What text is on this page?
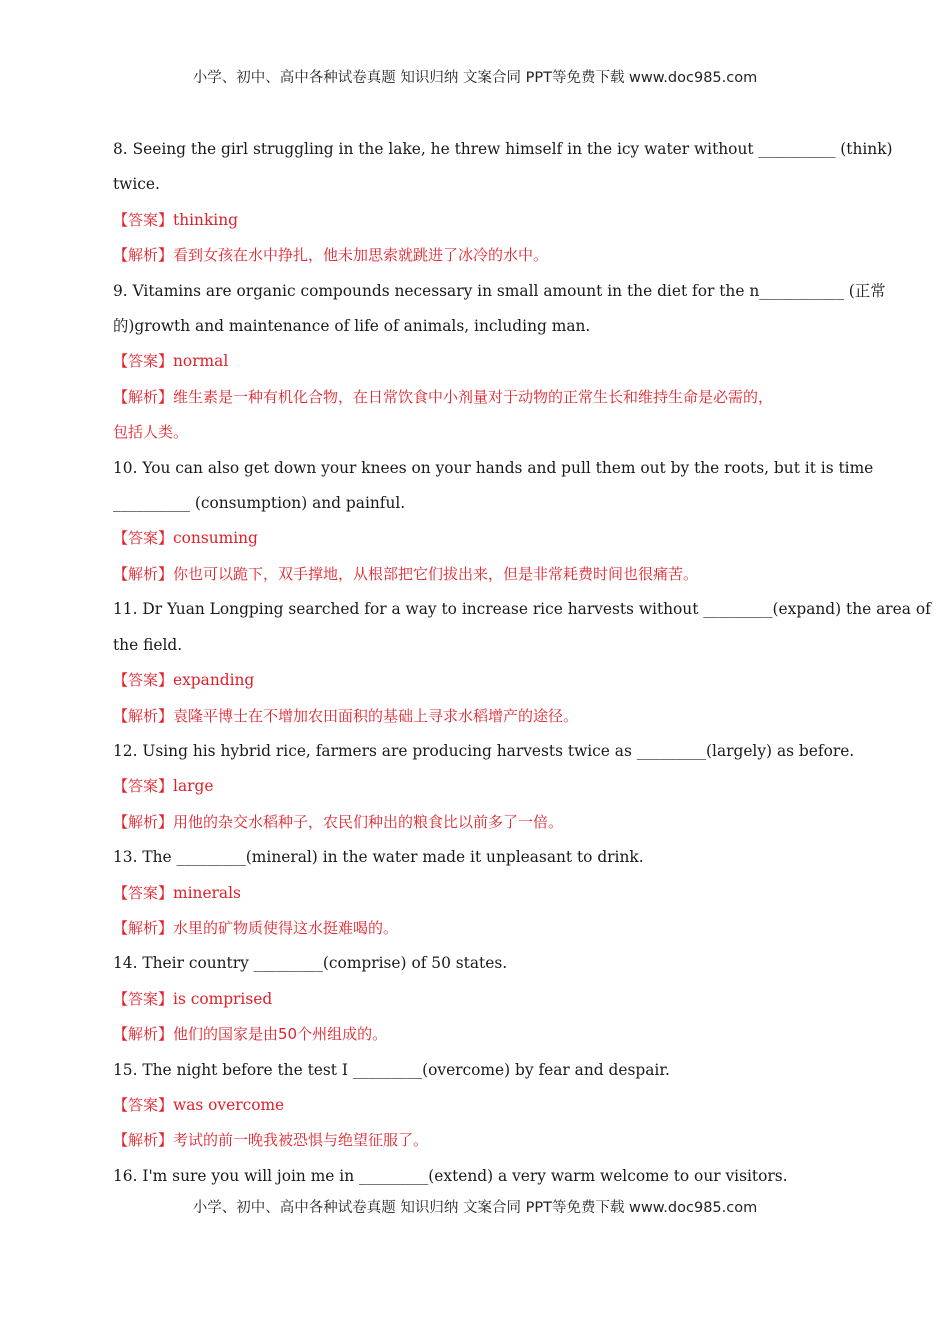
小学、初中、高中各种试卷真题 知识归纳 文案合同 PPT等免费下载 www.doc985.com
8. Seeing the girl struggling in the lake, he threw himself in the icy water without __________ (think)
twice.
【答案】thinking
【解析】看到女孩在水中挣扎，他未加思索就跳进了冰冷的水中。
9. Vitamins are organic compounds necessary in small amount in the diet for the n___________ (正常
的)growth and maintenance of life of animals, including man.
【答案】normal
【解析】维生素是一种有机化合物，在日常饮食中小剂量对于动物的正常生长和维持生命是必需的，
包括人类。
10. You can also get down your knees on your hands and pull them out by the roots, but it is time
__________ (consumption) and painful.
【答案】consuming
【解析】你也可以跪下，双手撑地，从根部把它们拔出来，但是非常耗费时间也很痛苦。
11. Dr Yuan Longping searched for a way to increase rice harvests without _________(expand) the area of
the field.
【答案】expanding
【解析】袁隆平博士在不增加农田面积的基础上寻求水稻增产的途径。
12. Using his hybrid rice, farmers are producing harvests twice as _________(largely) as before.
【答案】large
【解析】用他的杂交水稻种子，农民们种出的粮食比以前多了一倍。
13. The _________(mineral) in the water made it unpleasant to drink.
【答案】minerals
【解析】水里的矿物质使得这水挺难喝的。
14. Their country _________(comprise) of 50 states.
【答案】is comprised
【解析】他们的国家是由50个州组成的。
15. The night before the test I _________(overcome) by fear and despair.
【答案】was overcome
【解析】考试的前一晚我被恐惧与绝望征服了。
16. I'm sure you will join me in _________(extend) a very warm welcome to our visitors.
小学、初中、高中各种试卷真题 知识归纳 文案合同 PPT等免费下载 www.doc985.com
